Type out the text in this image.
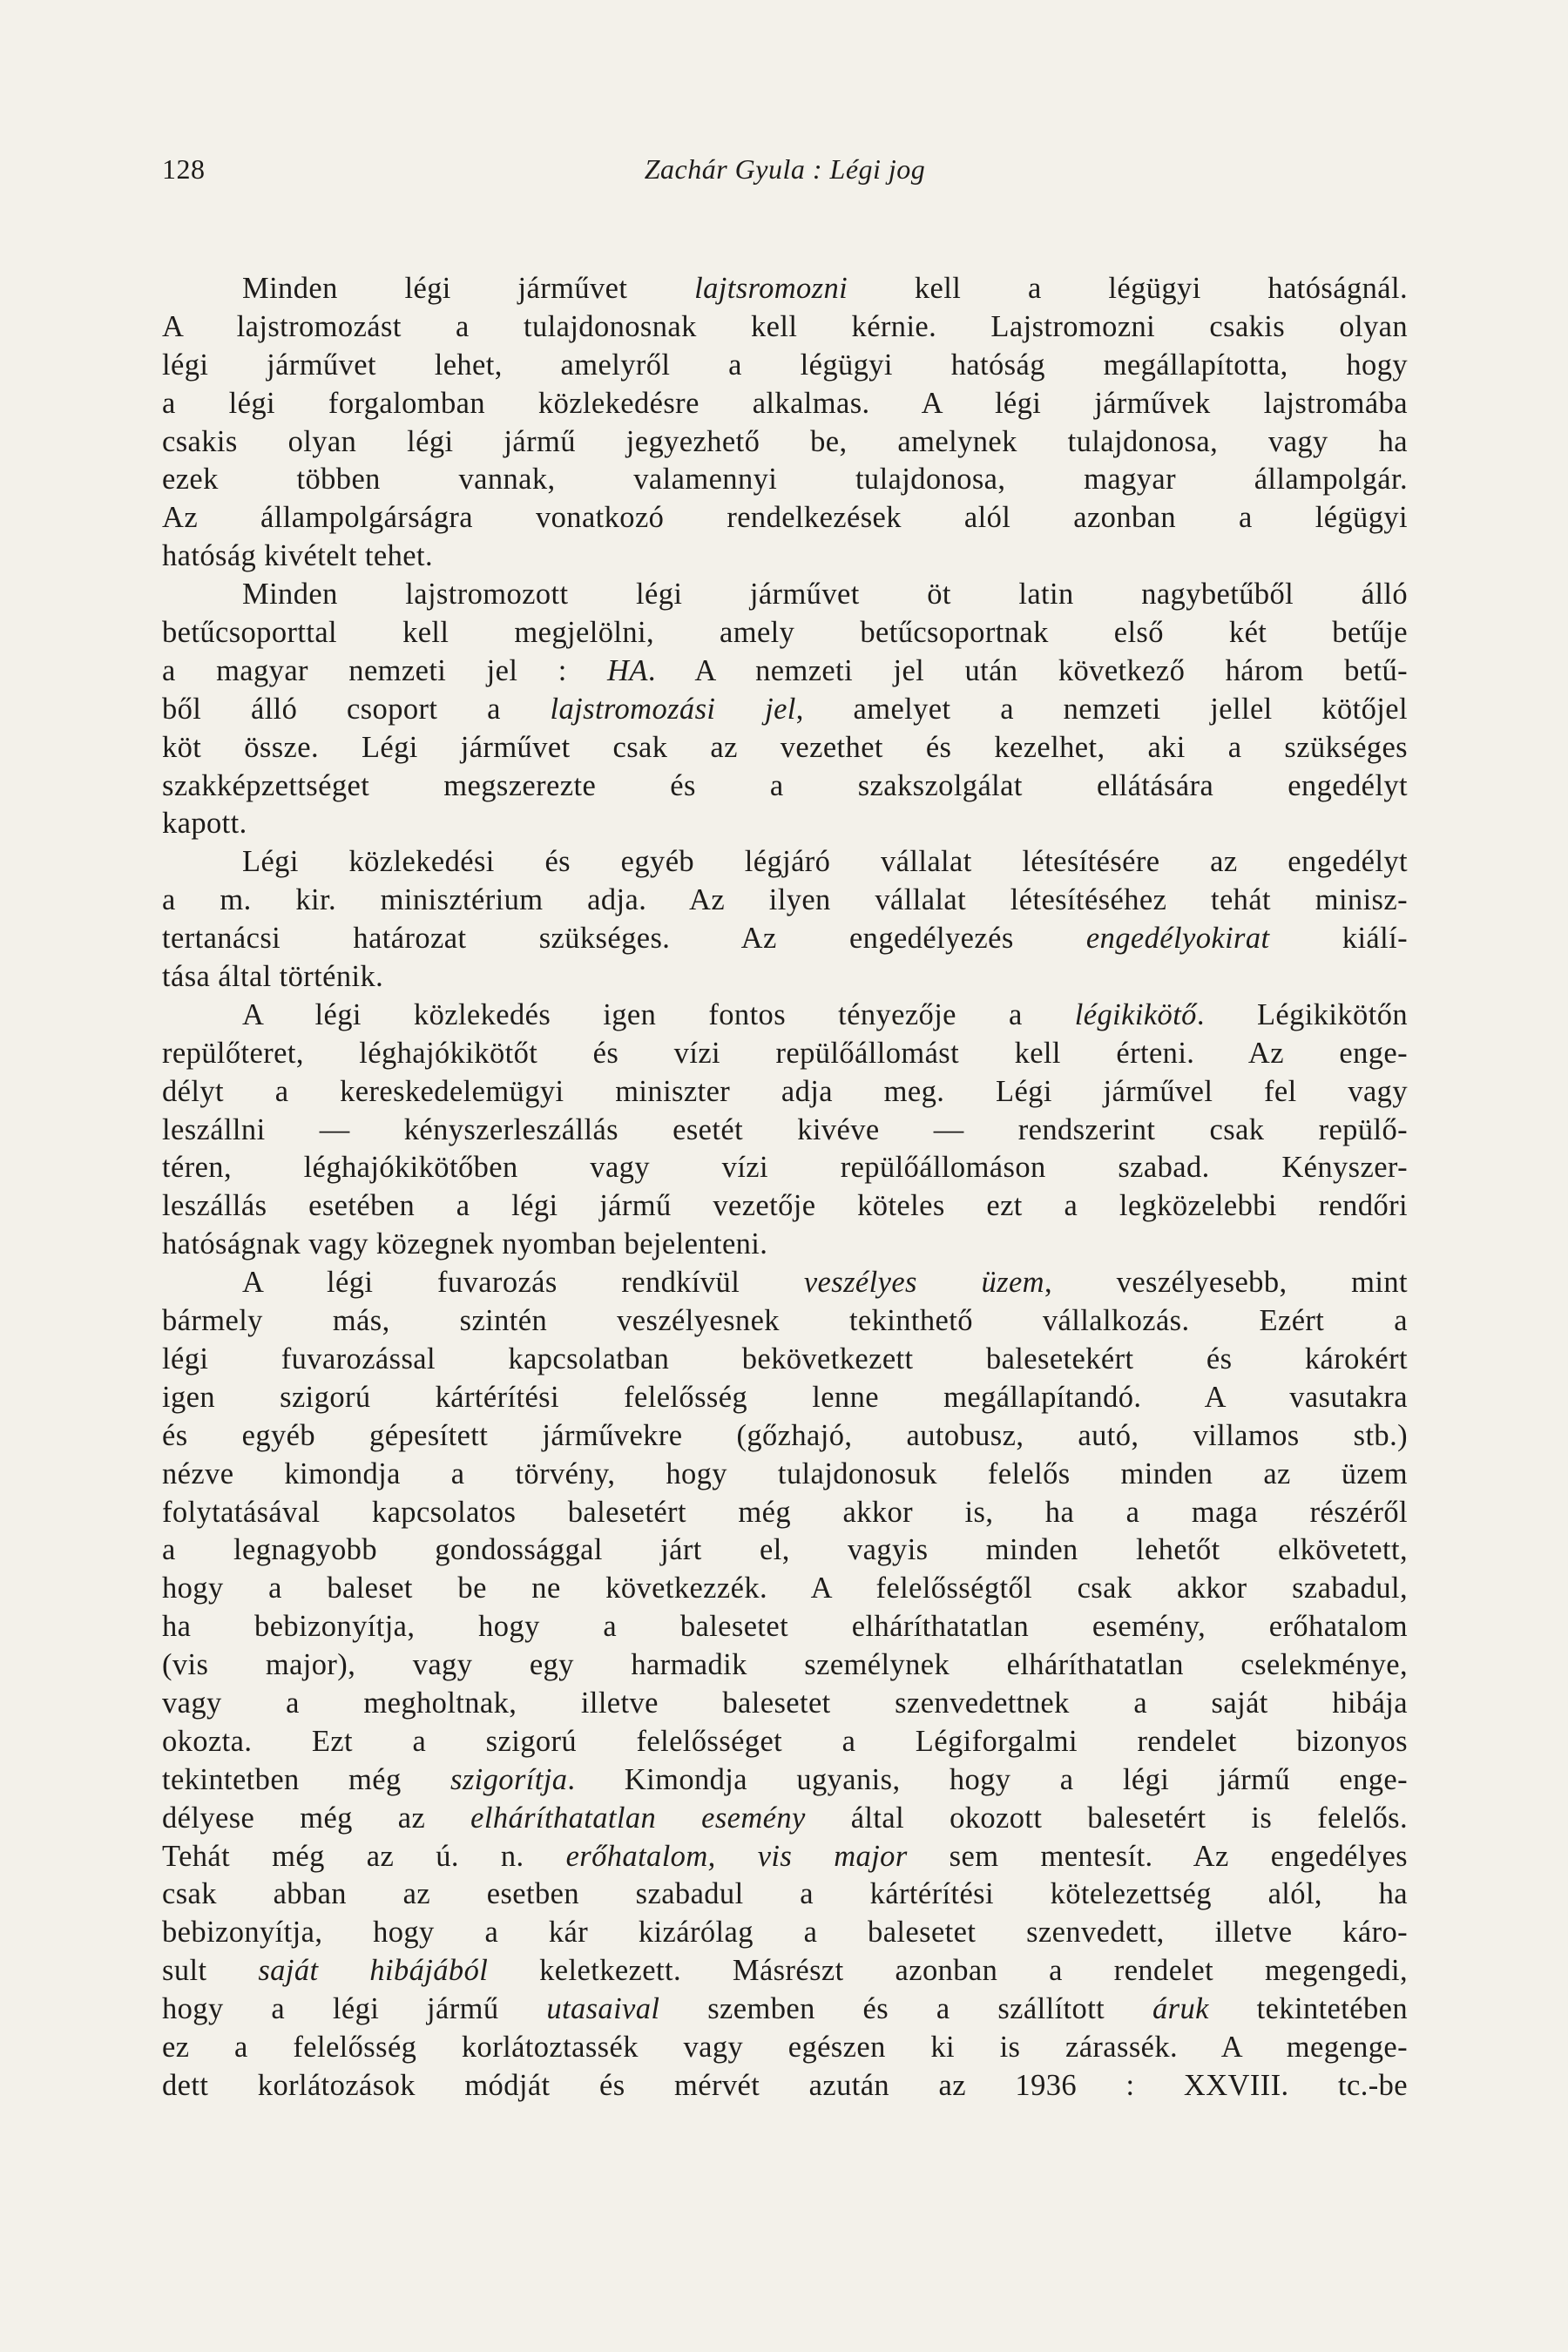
128	Zachár Gyula : Légi jog
Minden légi járművet lajtsromozni kell a légügyi hatóságnál.
A lajstromozást a tulajdonosnak kell kérnie. Lajstromozni csakis olyan
légi járművet lehet, amelyről a légügyi hatóság megállapította, hogy
a légi forgalomban közlekedésre alkalmas. A légi járművek lajstromába
csakis olyan légi jármű jegyezhető be, amelynek tulajdonosa, vagy ha
ezek többen vannak, valamennyi tulajdonosa, magyar állampolgár.
Az állampolgárságra vonatkozó rendelkezések alól azonban a légügyi
hatóság kivételt tehet.
Minden lajstromozott légi járművet öt latin nagybetűből álló
betűcsoporttal kell megjelölni, amely betűcsoportnak első két betűje
a magyar nemzeti jel : HA. A nemzeti jel után következő három betű-
ből álló csoport a lajstromozási jel, amelyet a nemzeti jellel kötőjel
köt össze. Légi járművet csak az vezethet és kezelhet, aki a szükséges
szakképzettséget megszerezte és a szakszolgálat ellátására engedélyt
kapott.
Légi közlekedési és egyéb légjáró vállalat létesítésére az engedélyt
a m. kir. minisztérium adja. Az ilyen vállalat létesítéséhez tehát minisz-
tertanácsi határozat szükséges. Az engedélyezés engedélyokirat kiálí-
tása által történik.
A légi közlekedés igen fontos tényezője a légikikötő. Légikikötőn
repülőteret, léghajókikötőt és vízi repülőállomást kell érteni. Az enge-
délyt a kereskedelemügyi miniszter adja meg. Légi járművel fel vagy
leszállni — kényszerleszállás esetét kivéve — rendszerint csak repülő-
téren, léghajókikötőben vagy vízi repülőállomáson szabad. Kényszer-
leszállás esetében a légi jármű vezetője köteles ezt a legközelebbi rendőri
hatóságnak vagy közegnek nyomban bejelenteni.
A légi fuvarozás rendkívül veszélyes üzem, veszélyesebb, mint
bármely más, szintén veszélyesnek tekinthető vállalkozás. Ezért a
légi fuvarozással kapcsolatban bekövetkezett balesetekért és károkért
igen szigorú kártérítési felelősség lenne megállapítandó. A vasutakra
és egyéb gépesített járművekre (gőzhajó, autobusz, autó, villamos stb.)
nézve kimondja a törvény, hogy tulajdonosuk felelős minden az üzem
folytatásával kapcsolatos balesetért még akkor is, ha a maga részéről
a legnagyobb gondossággal járt el, vagyis minden lehetőt elkövetett,
hogy a baleset be ne következzék. A felelősségtől csak akkor szabadul,
ha bebizonyítja, hogy a balesetet elháríthatatlan esemény, erőhatalom
(vis major), vagy egy harmadik személynek elháríthatatlan cselekménye,
vagy a megholtnak, illetve balesetet szenvedettnek a saját hibája
okozta. Ezt a szigorú felelősséget a Légiforgalmi rendelet bizonyos
tekintetben még szigorítja. Kimondja ugyanis, hogy a légi jármű enge-
délyese még az elháríthatatlan esemény által okozott balesetért is felelős.
Tehát még az ú. n. erőhatalom, vis major sem mentesít. Az engedélyes
csak abban az esetben szabadul a kártérítési kötelezettség alól, ha
bebizonyítja, hogy a kár kizárólag a balesetet szenvedett, illetve káro-
sult saját hibájából keletkezett. Másrészt azonban a rendelet megengedi,
hogy a légi jármű utasaival szemben és a szállított áruk tekintetében
ez a felelősség korlátoztassék vagy egészen ki is zárassék. A megenge-
dett korlátozások módját és mérvét azután az 1936 : XXVIII. tc.-be
